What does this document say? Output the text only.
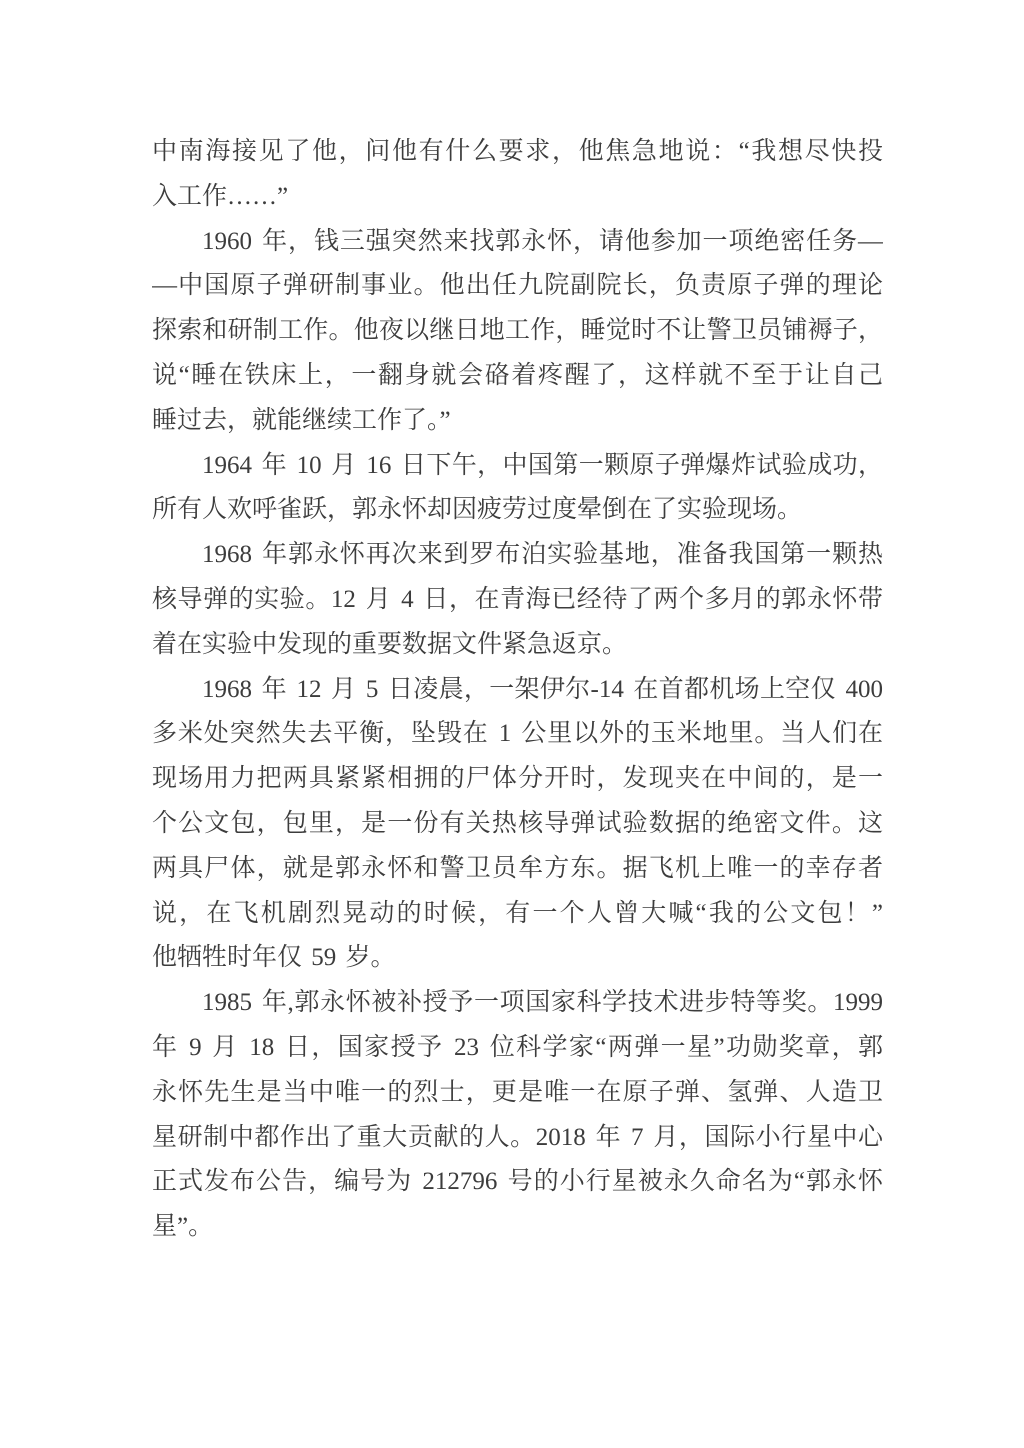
中南海接见了他，问他有什么要求，他焦急地说：“我想尽快投
入工作……”
1960 年，钱三强突然来找郭永怀，请他参加一项绝密任务—
—中国原子弹研制事业。他出任九院副院长，负责原子弹的理论
探索和研制工作。他夜以继日地工作，睡觉时不让警卫员铺褥子，
说“睡在铁床上，一翻身就会硌着疼醒了，这样就不至于让自己
睡过去，就能继续工作了。”
1964 年 10 月 16 日下午，中国第一颗原子弹爆炸试验成功，
所有人欢呼雀跃，郭永怀却因疲劳过度晕倒在了实验现场。
1968 年郭永怀再次来到罗布泊实验基地，准备我国第一颗热
核导弹的实验。12 月 4 日，在青海已经待了两个多月的郭永怀带
着在实验中发现的重要数据文件紧急返京。
1968 年 12 月 5 日凌晨，一架伊尔-14 在首都机场上空仅 400
多米处突然失去平衡，坠毁在 1 公里以外的玉米地里。当人们在
现场用力把两具紧紧相拥的尸体分开时，发现夹在中间的，是一
个公文包，包里，是一份有关热核导弹试验数据的绝密文件。这
两具尸体，就是郭永怀和警卫员牟方东。据飞机上唯一的幸存者
说，在飞机剧烈晃动的时候，有一个人曾大喊“我的公文包！”
他牺牲时年仅 59 岁。
1985 年,郭永怀被补授予一项国家科学技术进步特等奖。1999
年 9 月 18 日，国家授予 23 位科学家“两弹一星”功勋奖章，郭
永怀先生是当中唯一的烈士，更是唯一在原子弹、氢弹、人造卫
星研制中都作出了重大贡献的人。2018 年 7 月，国际小行星中心
正式发布公告，编号为 212796 号的小行星被永久命名为“郭永怀
星”。
